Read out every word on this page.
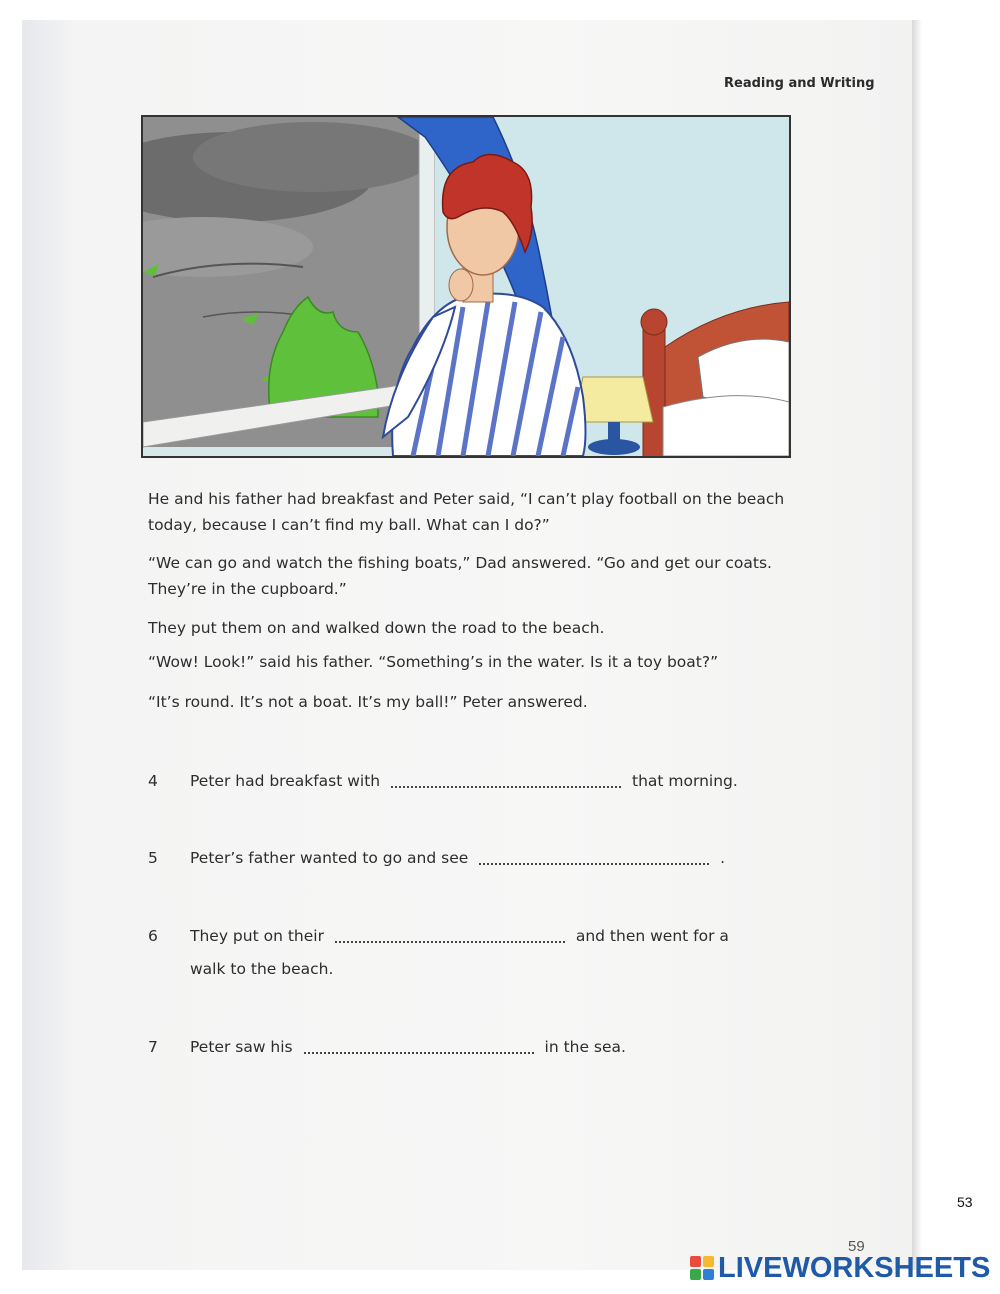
Reading and Writing

He and his father had breakfast and Peter said, “I can’t play football on the beach today, because I can’t find my ball. What can I do?”

“We can go and watch the fishing boats,” Dad answered. “Go and get our coats. They’re in the cupboard.”

They put them on and walked down the road to the beach.

“Wow! Look!” said his father. “Something’s in the water. Is it a toy boat?”

“It’s round. It’s not a boat. It’s my ball!” Peter answered.

4 Peter had breakfast with	that morning.
5 Peter’s father wanted to go and see	.
6 They put on their	and then went for a
walk to the beach.
7 Peter saw his	in the sea.
53
59
LIVEWORKSHEETS
